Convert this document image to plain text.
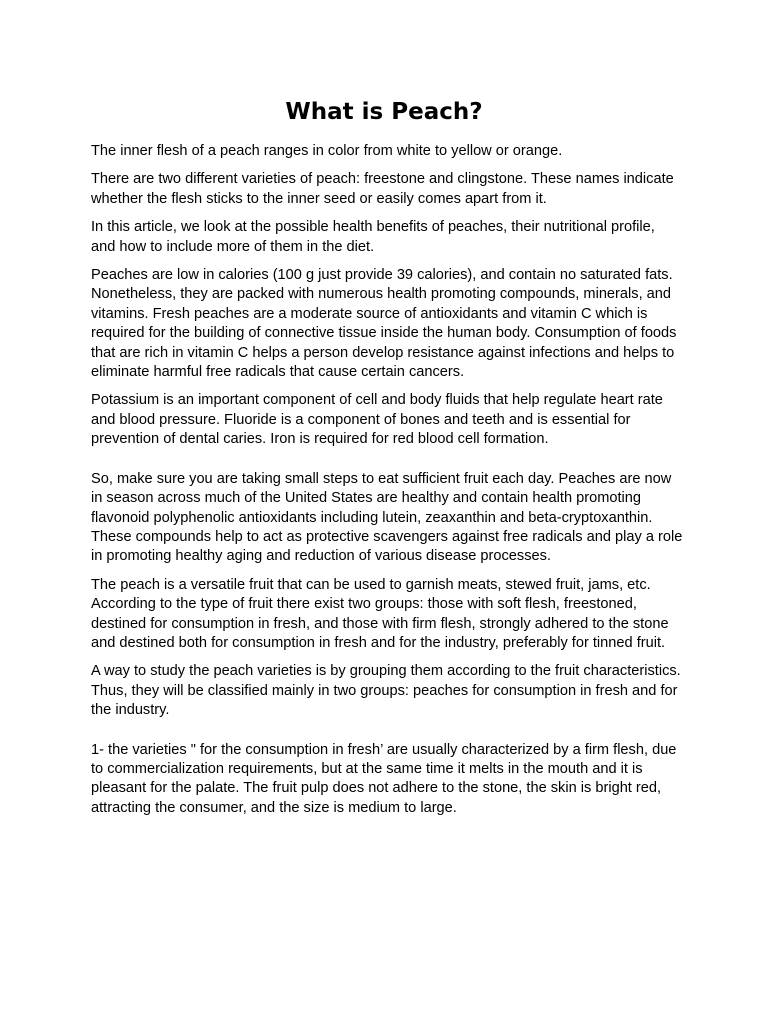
What is Peach?

The inner flesh of a peach ranges in color from white to yellow or orange.

There are two different varieties of peach: freestone and clingstone. These names indicate whether the flesh sticks to the inner seed or easily comes apart from it.

In this article, we look at the possible health benefits of peaches, their nutritional profile, and how to include more of them in the diet.

Peaches are low in calories (100 g just provide 39 calories), and contain no saturated fats. Nonetheless, they are packed with numerous health promoting compounds, minerals, and vitamins. Fresh peaches are a moderate source of antioxidants and vitamin C which is required for the building of connective tissue inside the human body. Consumption of foods that are rich in vitamin C helps a person develop resistance against infections and helps to eliminate harmful free radicals that cause certain cancers.

Potassium is an important component of cell and body fluids that help regulate heart rate and blood pressure. Fluoride is a component of bones and teeth and is essential for prevention of dental caries. Iron is required for red blood cell formation.

So, make sure you are taking small steps to eat sufficient fruit each day. Peaches are now in season across much of the United States are healthy and contain health promoting flavonoid polyphenolic antioxidants including lutein, zeaxanthin and beta-cryptoxanthin. These compounds help to act as protective scavengers against free radicals and play a role in promoting healthy aging and reduction of various disease processes.

The peach is a versatile fruit that can be used to garnish meats, stewed fruit, jams, etc. According to the type of fruit there exist two groups: those with soft flesh, freestoned, destined for consumption in fresh, and those with firm flesh, strongly adhered to the stone and destined both for consumption in fresh and for the industry, preferably for tinned fruit.

A way to study the peach varieties is by grouping them according to the fruit characteristics. Thus, they will be classified mainly in two groups: peaches for consumption in fresh and for the industry.

1- the varieties " for the consumption in fresh’ are usually characterized by a firm flesh, due to commercialization requirements, but at the same time it melts in the mouth and it is pleasant for the palate. The fruit pulp does not adhere to the stone, the skin is bright red, attracting the consumer, and the size is medium to large.
